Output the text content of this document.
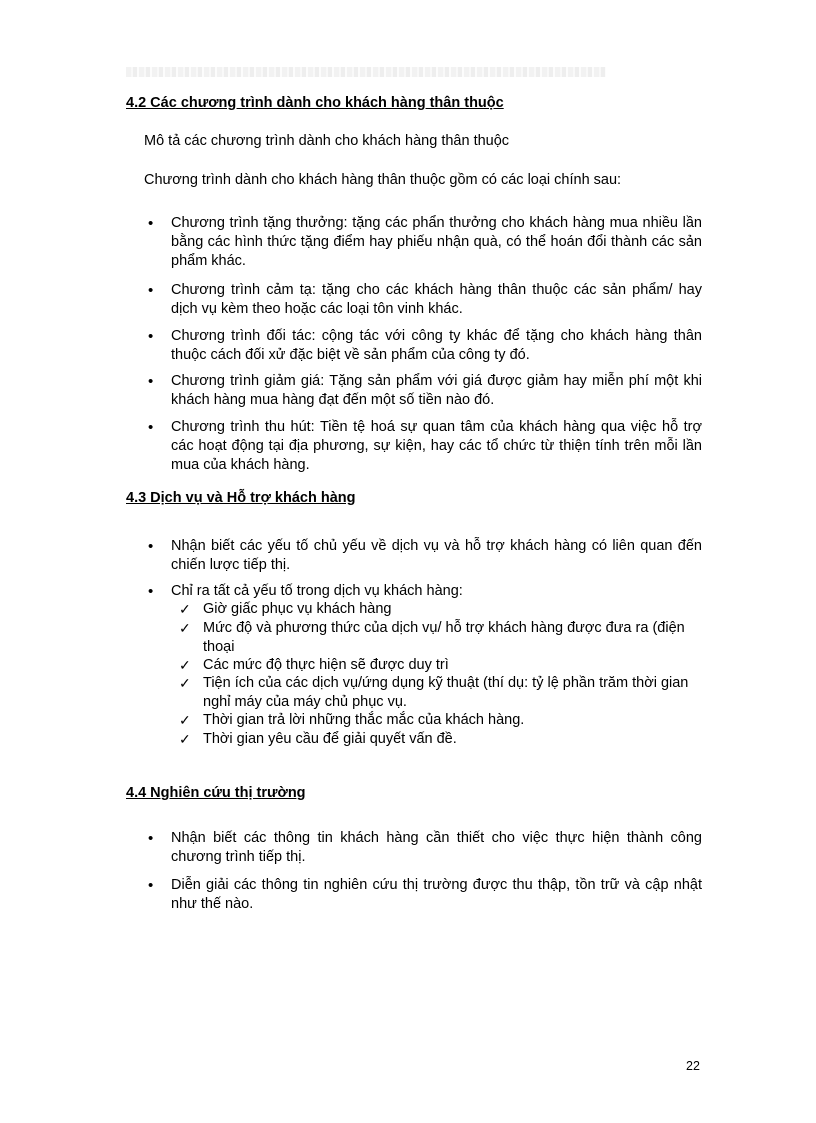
4.2 Các chương trình dành cho khách hàng thân thuộc

Mô tả các chương trình dành cho khách hàng thân thuộc

Chương trình dành cho khách hàng thân thuộc gồm có các loại chính sau:

• Chương trình tặng thưởng: tặng các phẩn thưởng cho khách hàng mua nhiều lần bằng các hình thức tặng điểm hay phiếu nhận quà, có thể hoán đổi thành các sản phẩm khác.

• Chương trình cảm tạ: tặng cho các khách hàng thân thuộc các sản phẩm/ hay dịch vụ kèm theo hoặc các loại tôn vinh khác.

• Chương trình đối tác: cộng tác với công ty khác để tặng cho khách hàng thân thuộc cách đối xử đặc biệt về sản phẩm của công ty đó.

• Chương trình giảm giá: Tặng sản phẩm với giá được giảm hay miễn phí một khi khách hàng mua hàng đạt đến một số tiền nào đó.

• Chương trình thu hút: Tiền tệ hoá sự quan tâm của khách hàng qua việc hỗ trợ các hoạt động tại địa phương, sự kiện, hay các tổ chức từ thiện tính trên mỗi lần mua của khách hàng.

4.3 Dịch vụ và Hỗ trợ khách hàng
• Nhận biết các yếu tố chủ yếu về dịch vụ và hỗ trợ khách hàng có liên quan đến chiến lược tiếp thị.

• Chỉ ra tất cả yếu tố trong dịch vụ khách hàng:

✓ Giờ giấc phục vụ khách hàng

✓ Mức độ và phương thức của dịch vụ/ hỗ trợ khách hàng được đưa ra (điện thoại

✓ Các mức độ thực hiện sẽ được duy trì

✓ Tiện ích của các dịch vụ/ứng dụng kỹ thuật (thí dụ: tỷ lệ phần trăm thời gian nghỉ máy của máy chủ phục vụ.

✓ Thời gian trả lời những thắc mắc của khách hàng.

✓ Thời gian yêu cầu để giải quyết vấn đề.

4.4 Nghiên cứu thị trường
• Nhận biết các thông tin khách hàng cần thiết cho việc thực hiện thành công chương trình tiếp thị.

• Diễn giải các thông tin nghiên cứu thị trường được thu thập, tồn trữ và cập nhật như thế nào.

22
